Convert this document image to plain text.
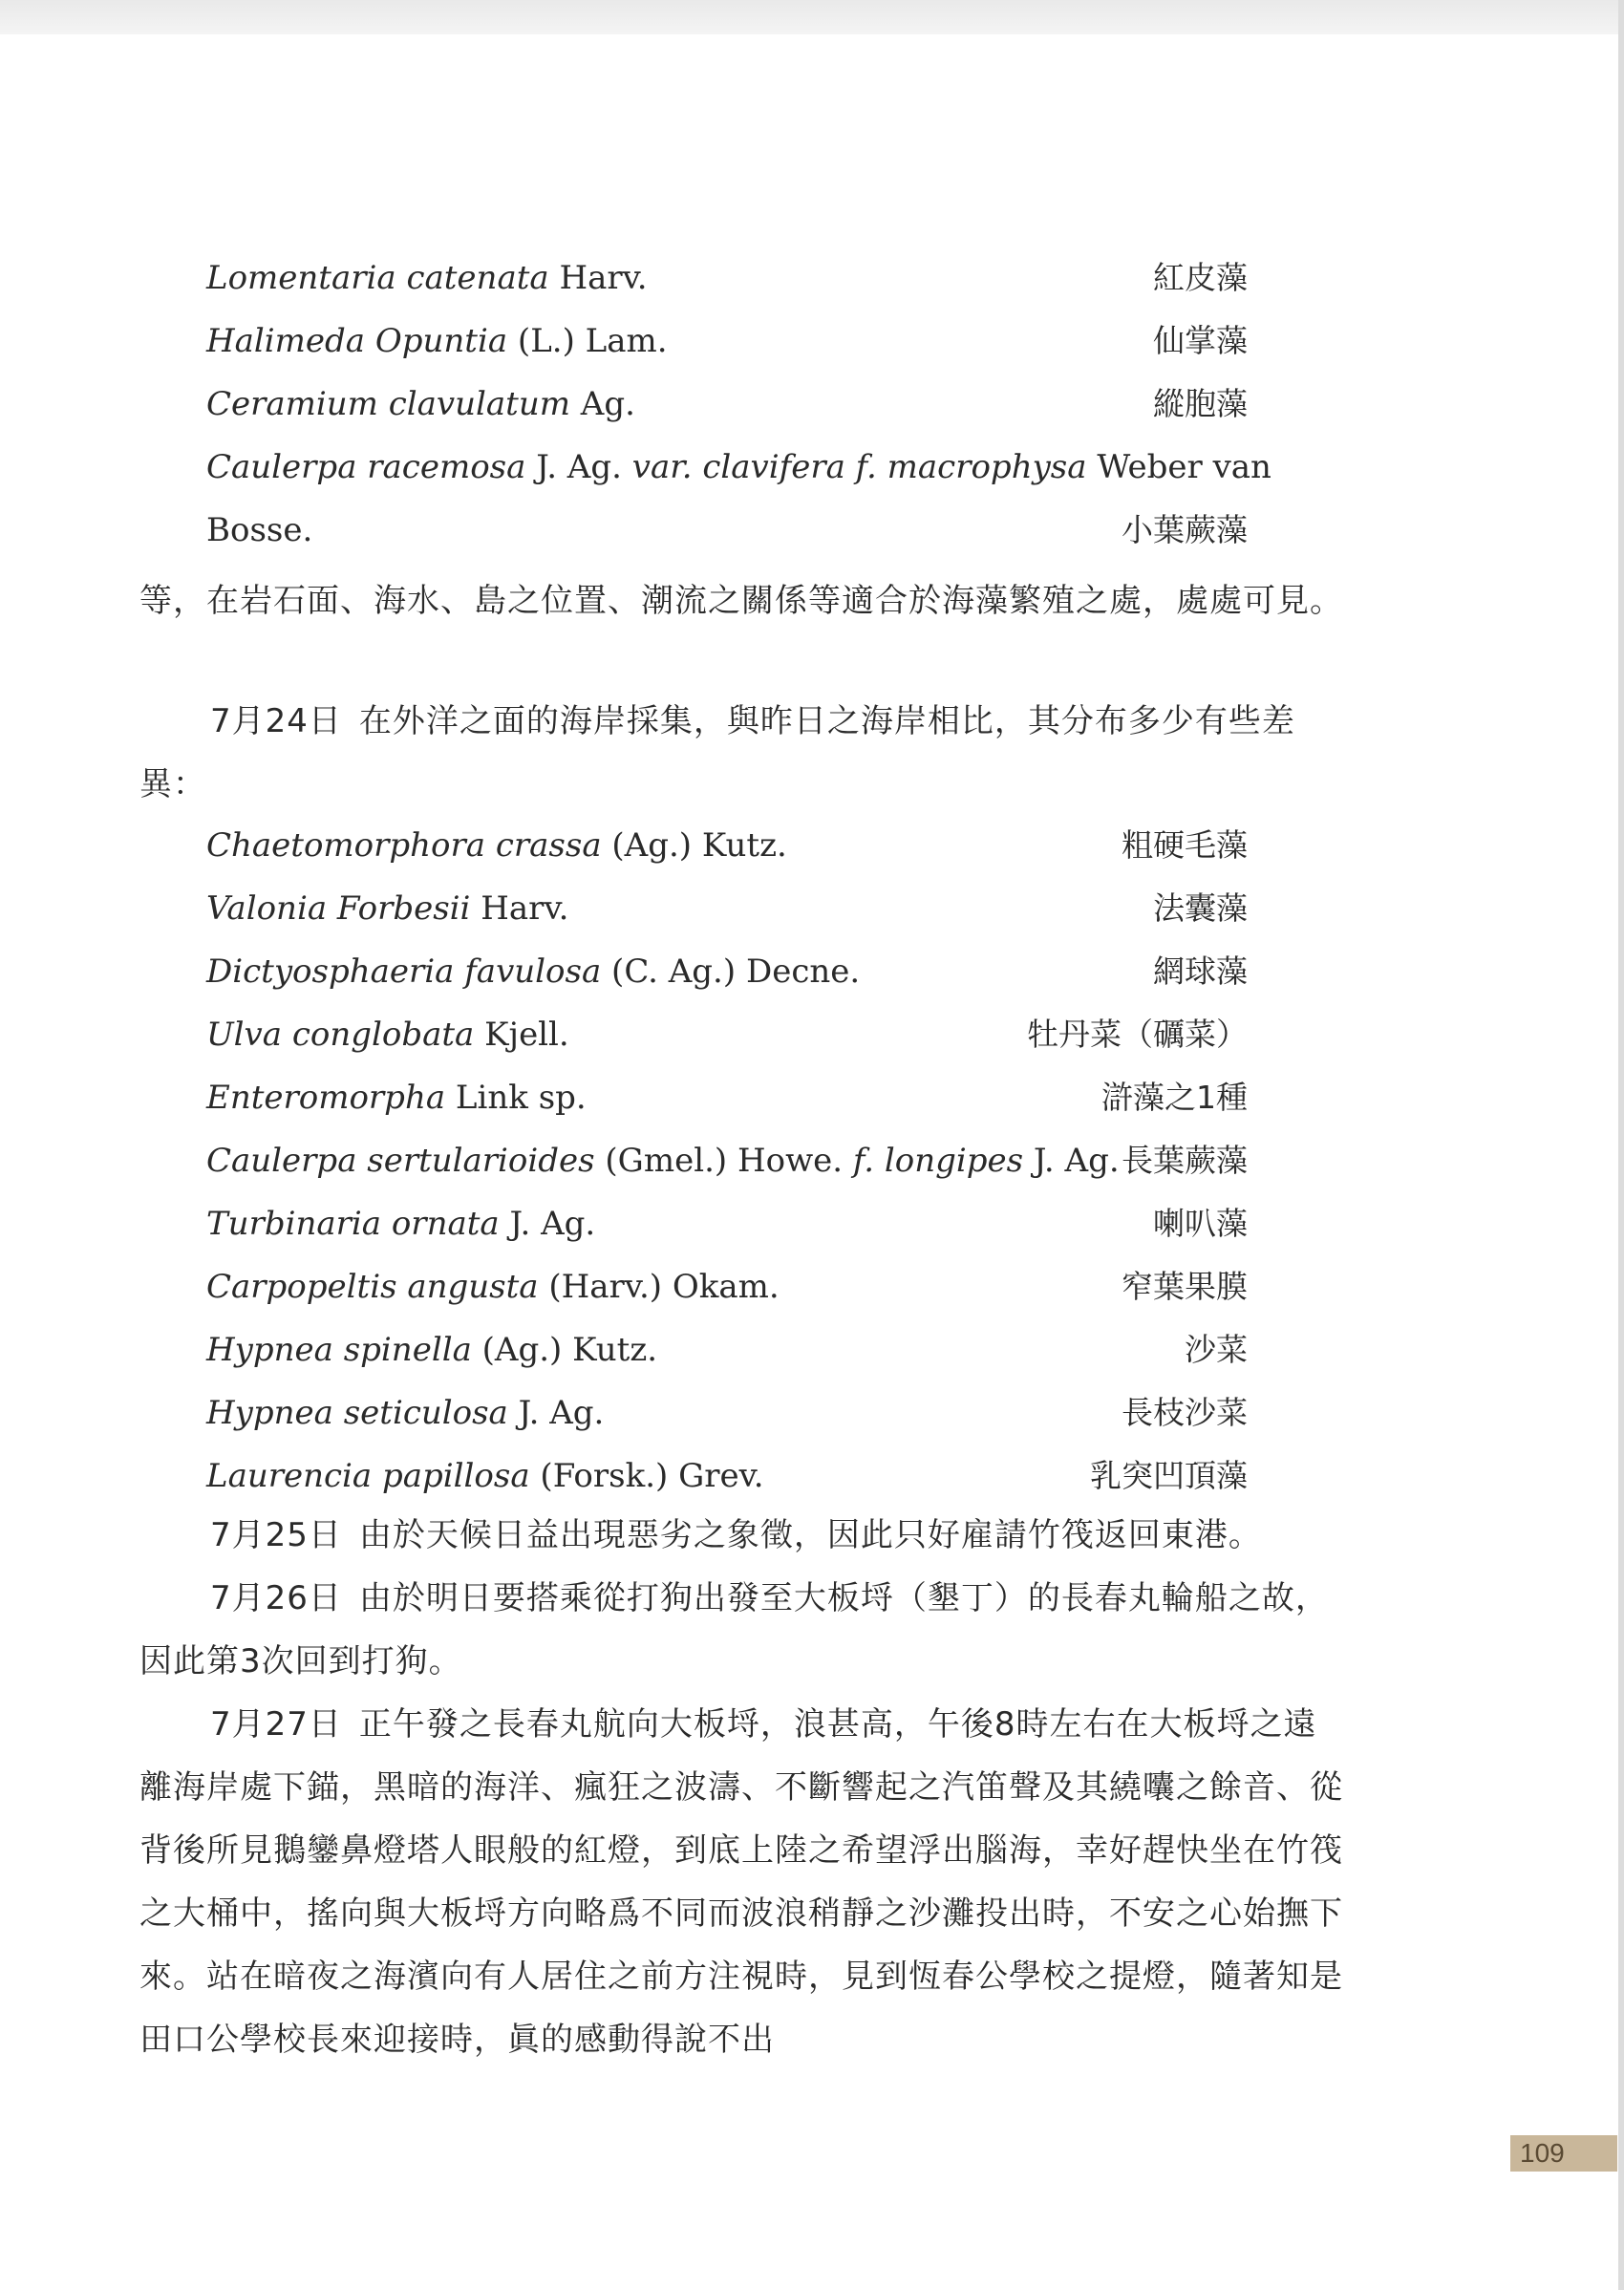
Lomentaria catenata Harv.	紅皮藻
Halimeda Opuntia (L.) Lam.	仙掌藻
Ceramium clavulatum Ag.	縱胞藻
Caulerpa racemosa J. Ag. var. clavifera f. macrophysa Weber van
Bosse.	小葉蕨藻

等，在岩石面、海水、島之位置、潮流之關係等適合於海藻繁殖之處，處處可見。

7月24日 在外洋之面的海岸採集，與昨日之海岸相比，其分布多少有些差異：

Chaetomorphora crassa (Ag.) Kutz.	粗硬毛藻
Valonia Forbesii Harv.	法囊藻
Dictyosphaeria favulosa (C. Ag.) Decne.	網球藻
Ulva conglobata Kjell.	牡丹菜（礪菜）
Enteromorpha Link sp.	滸藻之1種
Caulerpa sertularioides (Gmel.) Howe. f. longipes J. Ag. 長葉蕨藻
Turbinaria ornata J. Ag.	喇叭藻
Carpopeltis angusta (Harv.) Okam.	窄葉果膜
Hypnea spinella (Ag.) Kutz.	沙菜
Hypnea seticulosa J. Ag.	長枝沙菜
Laurencia papillosa (Forsk.) Grev.	乳突凹頂藻

7月25日 由於天候日益出現惡劣之象徵，因此只好雇請竹筏返回東港。

7月26日 由於明日要搭乘從打狗出發至大板埒（墾丁）的長春丸輪船之故，因此第3次回到打狗。

7月27日 正午發之長春丸航向大板埒，浪甚高，午後8時左右在大板埒之遠離海岸處下錨，黑暗的海洋、瘋狂之波濤、不斷響起之汽笛聲及其繞囔之餘音、從背後所見鵝鑾鼻燈塔人眼般的紅燈，到底上陸之希望浮出腦海，幸好趕快坐在竹筏之大桶中，搖向與大板埒方向略爲不同而波浪稍靜之沙灘投出時，不安之心始撫下來。站在暗夜之海濱向有人居住之前方注視時，見到恆春公學校之提燈，隨著知是田口公學校長來迎接時，眞的感動得說不出

109
